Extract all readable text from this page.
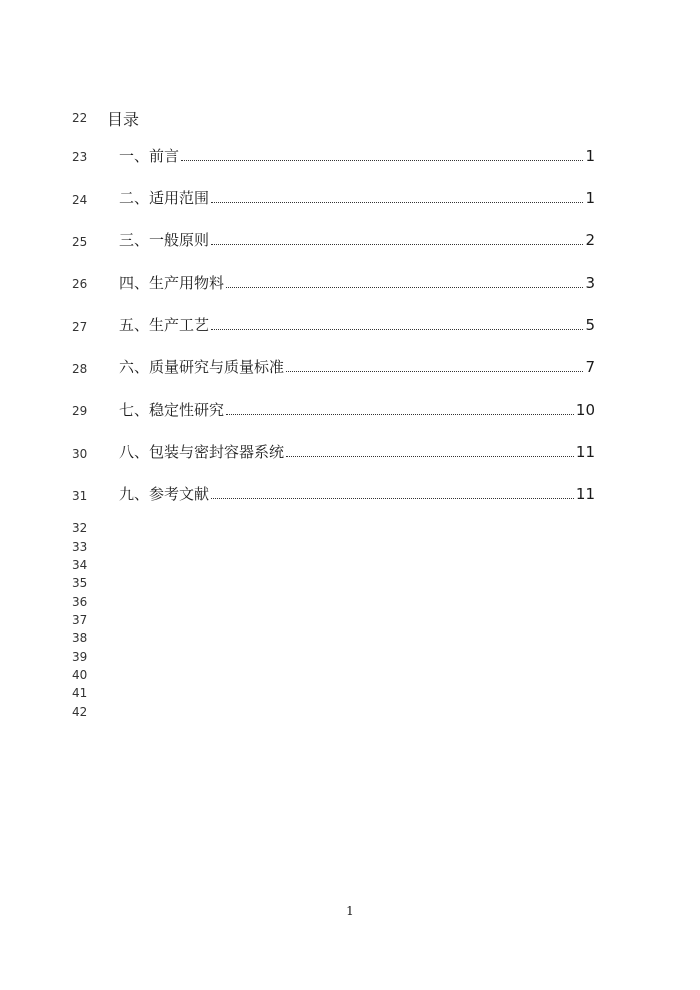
22 目录
23 一、前言	1
24 二、适用范围	1
25 三、一般原则	2
26 四、生产用物料	3
27 五、生产工艺	5
28 六、质量研究与质量标准	7
29 七、稳定性研究	10
30 八、包装与密封容器系统	11
31 九、参考文献	11
32
33
34
35
36
37
38
39
40
41
42
1
